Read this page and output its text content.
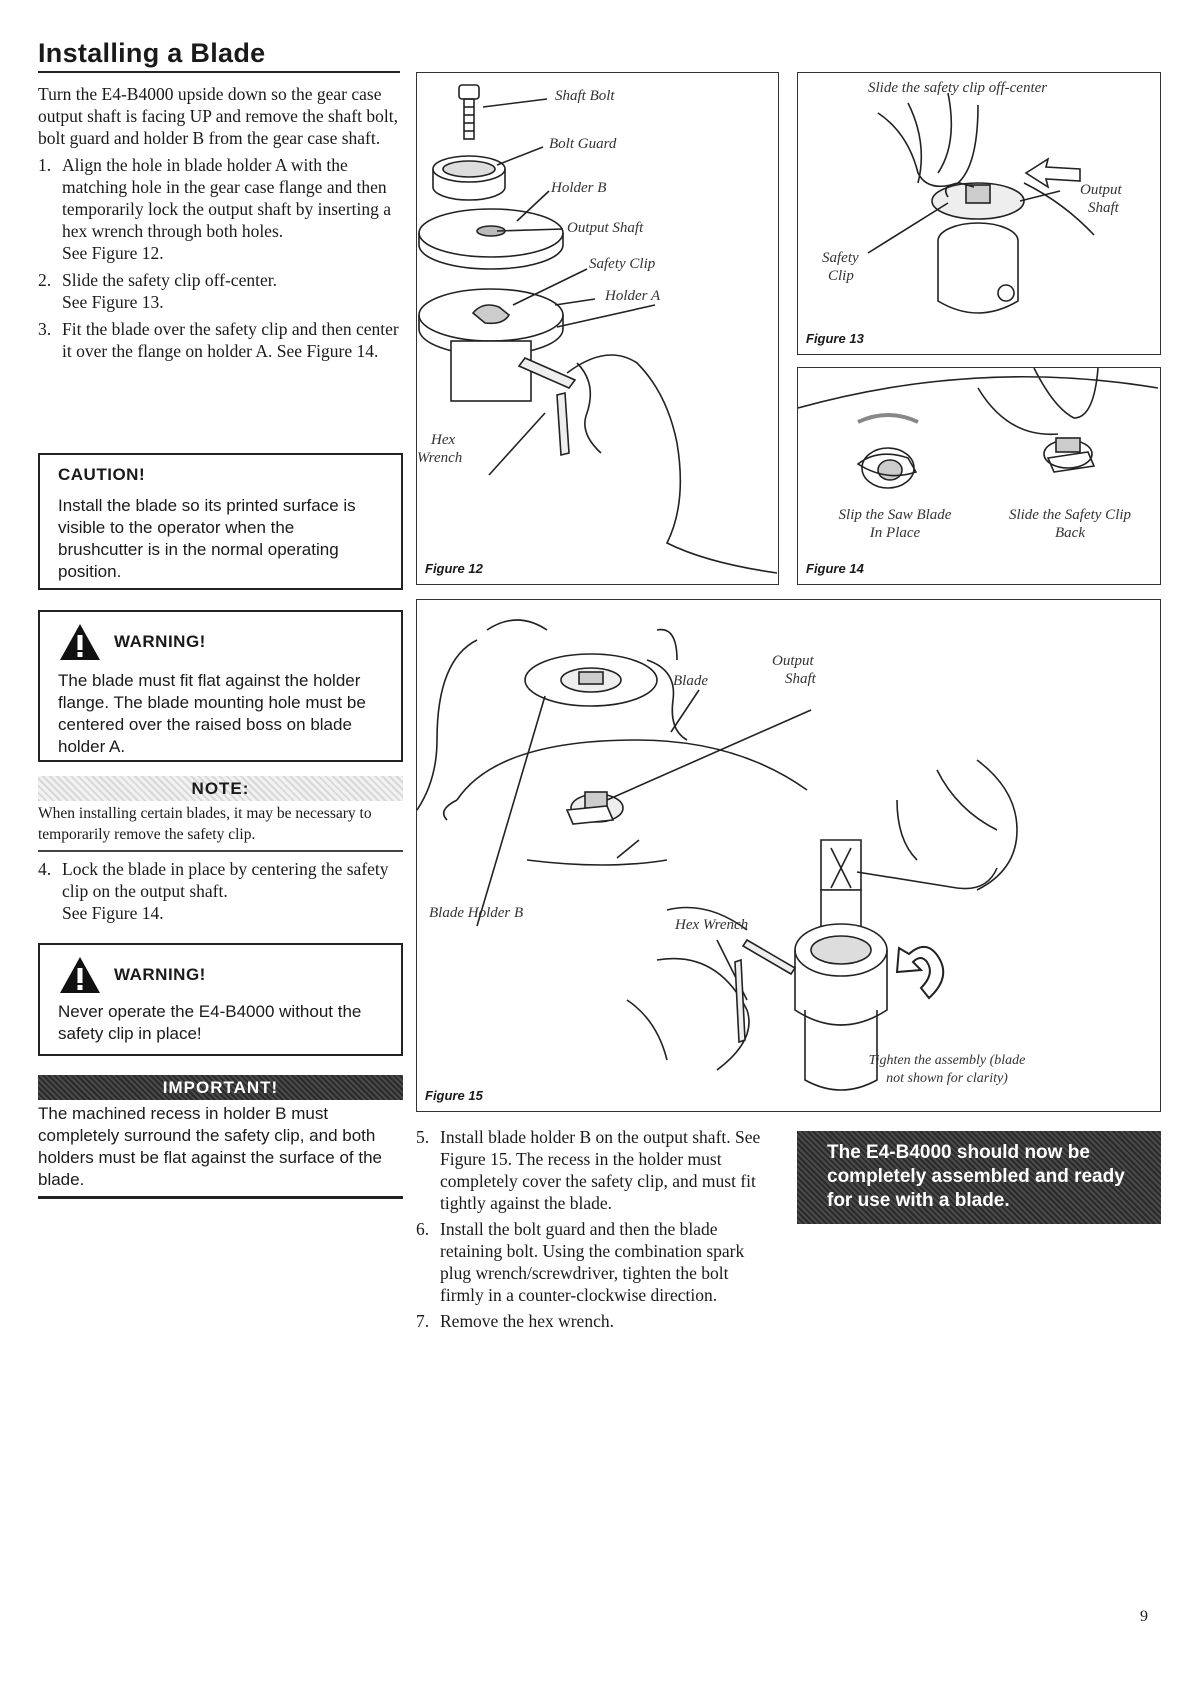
Installing a Blade

Turn the E4-B4000 upside down so the gear case output shaft is facing UP and remove the shaft bolt, bolt guard and holder B from the gear case shaft.

1. Align the hole in blade holder A with the matching hole in the gear case flange and then temporarily lock the output shaft by inserting a hex wrench through both holes.
See Figure 12.
2. Slide the safety clip off-center.
See Figure 13.
3. Fit the blade over the safety clip and then center it over the flange on holder A. See Figure 14.
CAUTION!
Install the blade so its printed surface is visible to the operator when the brushcutter is in the normal operating position.
WARNING!
The blade must fit flat against the holder flange. The blade mounting hole must be centered over the raised boss on blade holder A.
NOTE:
When installing certain blades, it may be necessary to temporarily remove the safety clip.
4. Lock the blade in place by centering the safety clip on the output shaft.
See Figure 14.
WARNING!
Never operate the E4-B4000 without the safety clip in place!
IMPORTANT!
The machined recess in holder B must completely surround the safety clip, and both holders must be flat against the surface of the blade.
Shaft Bolt
Bolt Guard
Holder B
Output Shaft
Safety Clip
Holder A
Hex
Wrench
Figure 12
Slide the safety clip off-center
Output
Shaft
Safety
Clip
Figure 13
Slip the Saw Blade
In Place
Slide the Safety Clip
Back
Figure 14
Output
Shaft
Blade
Blade Holder B
Hex Wrench
Tighten the assembly (blade
not shown for clarity)
Figure 15
5. Install blade holder B on the output shaft. See Figure 15. The recess in the holder must completely cover the safety clip, and must fit tightly against the blade.
6. Install the bolt guard and then the blade retaining bolt. Using the combination spark plug wrench/screwdriver, tighten the bolt firmly in a counter-clockwise direction.
7. Remove the hex wrench.
The E4-B4000 should now be completely assembled and ready for use with a blade.
9
